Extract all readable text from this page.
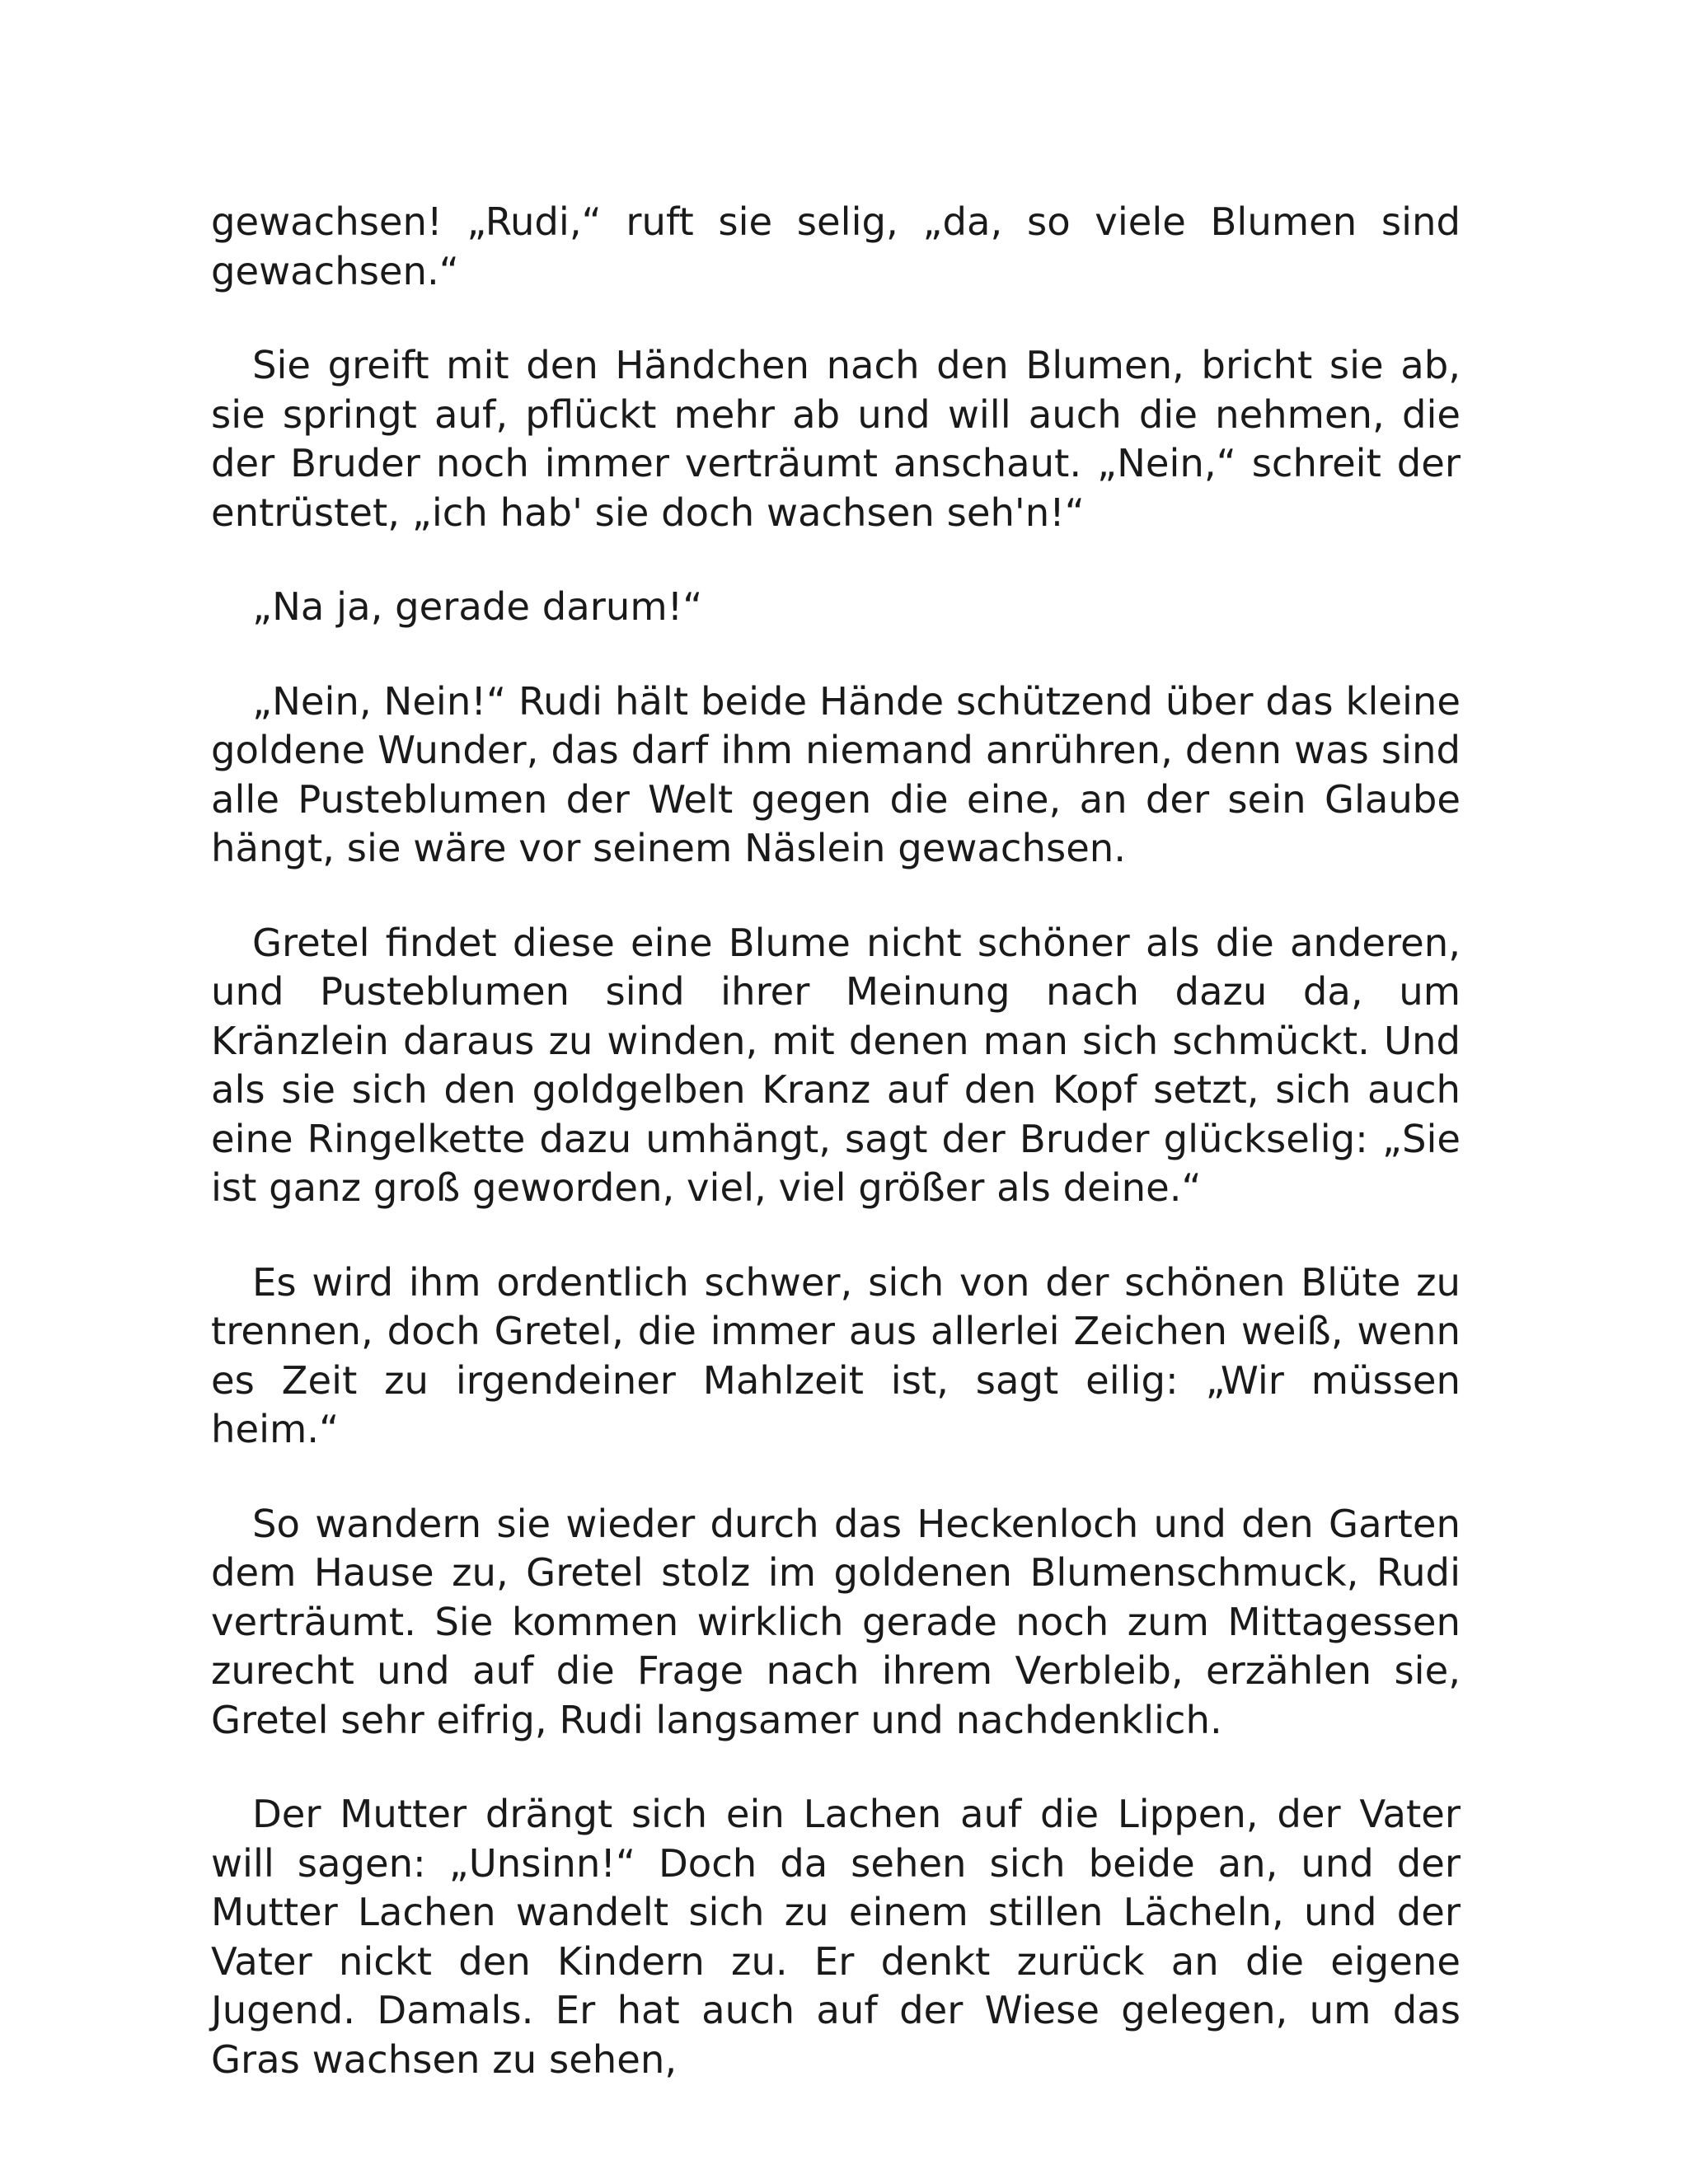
gewachsen! „Rudi,“ ruft sie selig, „da, so viele Blumen sind gewachsen.“

Sie greift mit den Händchen nach den Blumen, bricht sie ab, sie springt auf, pflückt mehr ab und will auch die nehmen, die der Bruder noch immer verträumt anschaut. „Nein,“ schreit der entrüstet, „ich hab' sie doch wachsen seh'n!“

„Na ja, gerade darum!“

„Nein, Nein!“ Rudi hält beide Hände schützend über das kleine goldene Wunder, das darf ihm niemand anrühren, denn was sind alle Pusteblumen der Welt gegen die eine, an der sein Glaube hängt, sie wäre vor seinem Näslein gewachsen.

Gretel findet diese eine Blume nicht schöner als die anderen, und Pusteblumen sind ihrer Meinung nach dazu da, um Kränzlein daraus zu winden, mit denen man sich schmückt. Und als sie sich den goldgelben Kranz auf den Kopf setzt, sich auch eine Ringelkette dazu umhängt, sagt der Bruder glückselig: „Sie ist ganz groß geworden, viel, viel größer als deine.“

Es wird ihm ordentlich schwer, sich von der schönen Blüte zu trennen, doch Gretel, die immer aus allerlei Zeichen weiß, wenn es Zeit zu irgendeiner Mahlzeit ist, sagt eilig: „Wir müssen heim.“

So wandern sie wieder durch das Heckenloch und den Garten dem Hause zu, Gretel stolz im goldenen Blumenschmuck, Rudi verträumt. Sie kommen wirklich gerade noch zum Mittagessen zurecht und auf die Frage nach ihrem Verbleib, erzählen sie, Gretel sehr eifrig, Rudi langsamer und nachdenklich.

Der Mutter drängt sich ein Lachen auf die Lippen, der Vater will sagen: „Unsinn!“ Doch da sehen sich beide an, und der Mutter Lachen wandelt sich zu einem stillen Lächeln, und der Vater nickt den Kindern zu. Er denkt zurück an die eigene Jugend. Damals. Er hat auch auf der Wiese gelegen, um das Gras wachsen zu sehen,
